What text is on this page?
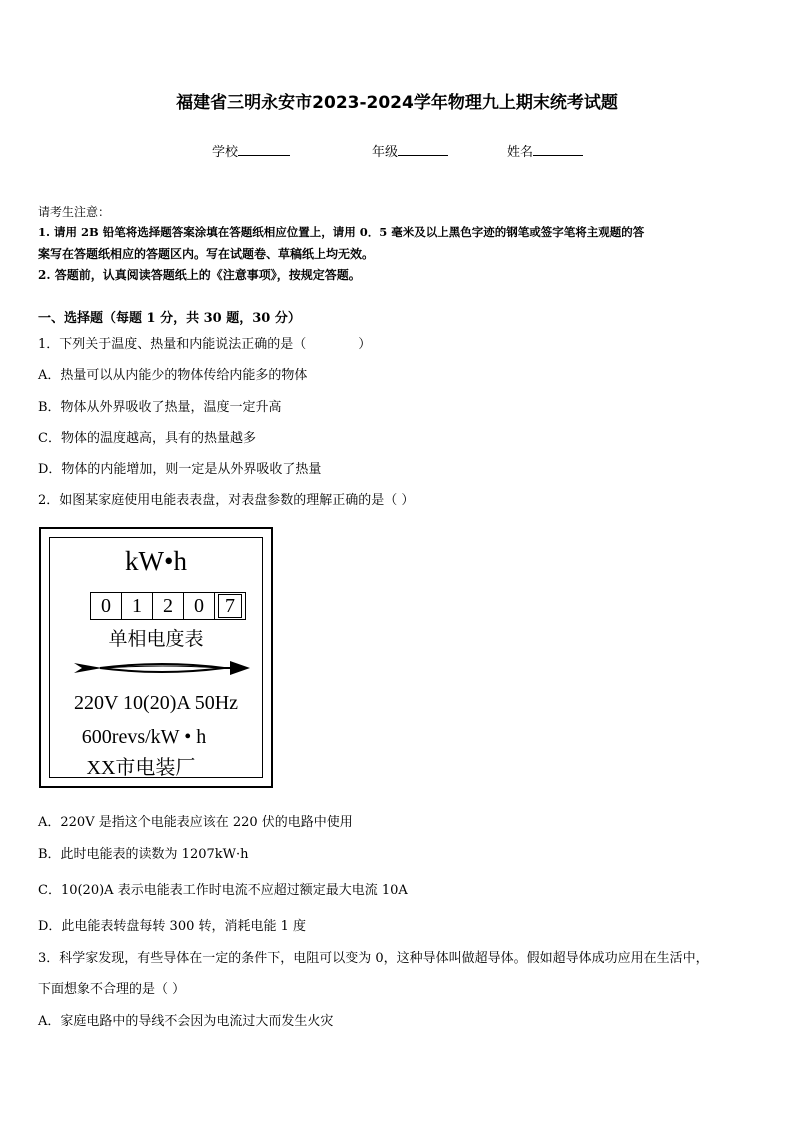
福建省三明永安市2023-2024学年物理九上期末统考试题
学校	年级	姓名
请考生注意：
1. 请用 2B 铅笔将选择题答案涂填在答题纸相应位置上，请用 0．5 毫米及以上黑色字迹的钢笔或签字笔将主观题的答
案写在答题纸相应的答题区内。写在试题卷、草稿纸上均无效。
2. 答题前，认真阅读答题纸上的《注意事项》，按规定答题。
一、选择题（每题 1 分，共 30 题，30 分）
1．下列关于温度、热量和内能说法正确的是（　　　　）
A．热量可以从内能少的物体传给内能多的物体
B．物体从外界吸收了热量，温度一定升高
C．物体的温度越高，具有的热量越多
D．物体的内能增加，则一定是从外界吸收了热量
2．如图某家庭使用电能表表盘，对表盘参数的理解正确的是（ ）
kW•h
0	1	2	0	7
单相电度表
220V 10(20)A 50Hz
600revs/kW • h
XX市电装厂
A．220V 是指这个电能表应该在 220 伏的电路中使用
B．此时电能表的读数为 1207kW·h
C．10(20)A 表示电能表工作时电流不应超过额定最大电流 10A
D．此电能表转盘每转 300 转，消耗电能 1 度
3．科学家发现，有些导体在一定的条件下，电阻可以变为 0，这种导体叫做超导体。假如超导体成功应用在生活中，
下面想象不合理的是（ ）
A．家庭电路中的导线不会因为电流过大而发生火灾
